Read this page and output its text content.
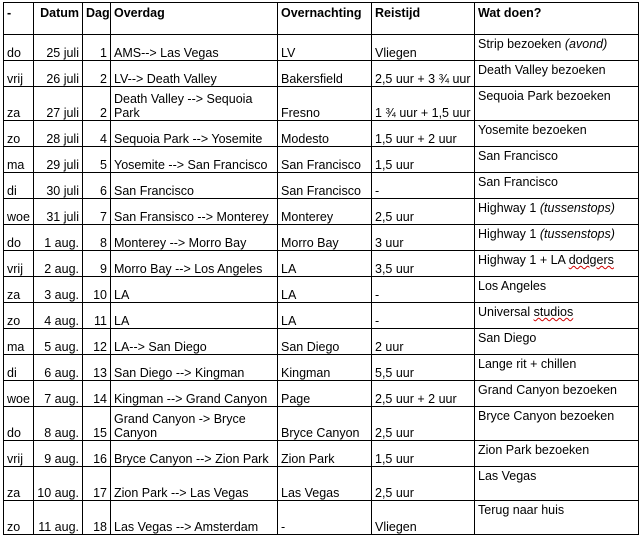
-	Datum	Dag	Overdag	Overnachting	Reistijd	Wat doen?
do	25 juli	1	AMS--> Las Vegas	LV	Vliegen	Strip bezoeken (avond)
vrij	26 juli	2	LV--> Death Valley	Bakersfield	2,5 uur + 3 ¾ uur	Death Valley bezoeken
za	27 juli	2	Death Valley --> Sequoia Park	Fresno	1 ¾ uur + 1,5 uur	Sequoia Park bezoeken
zo	28 juli	4	Sequoia Park --> Yosemite	Modesto	1,5 uur + 2 uur	Yosemite bezoeken
ma	29 juli	5	Yosemite --> San Francisco	San Francisco	1,5 uur	San Francisco
di	30 juli	6	San Francisco	San Francisco	-	San Francisco
woe	31 juli	7	San Fransisco --> Monterey	Monterey	2,5 uur	Highway 1 (tussenstops)
do	1 aug.	8	Monterey --> Morro Bay	Morro Bay	3 uur	Highway 1 (tussenstops)
vrij	2 aug.	9	Morro Bay --> Los Angeles	LA	3,5 uur	Highway 1 + LA dodgers
za	3 aug.	10	LA	LA	-	Los Angeles
zo	4 aug.	11	LA	LA	-	Universal studios
ma	5 aug.	12	LA--> San Diego	San Diego	2 uur	San Diego
di	6 aug.	13	San Diego --> Kingman	Kingman	5,5 uur	Lange rit + chillen
woe	7 aug.	14	Kingman --> Grand Canyon	Page	2,5 uur + 2 uur	Grand Canyon bezoeken
do	8 aug.	15	Grand Canyon -> Bryce Canyon	Bryce Canyon	2,5 uur	Bryce Canyon bezoeken
vrij	9 aug.	16	Bryce Canyon --> Zion Park	Zion Park	1,5 uur	Zion Park bezoeken
za	10 aug.	17	Zion Park --> Las Vegas	Las Vegas	2,5 uur	Las Vegas
zo	11 aug.	18	Las Vegas --> Amsterdam	-	Vliegen	Terug naar huis
